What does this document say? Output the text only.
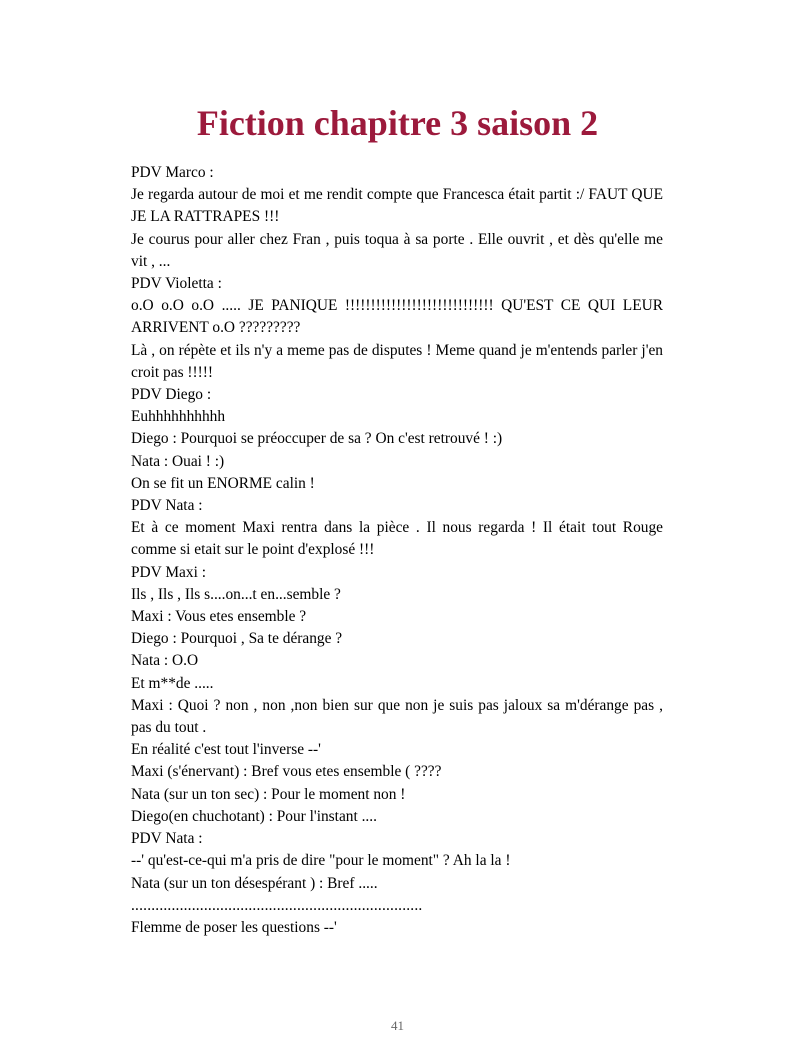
Fiction chapitre 3 saison 2

PDV Marco :

Je regarda autour de moi et me rendit compte que Francesca était partit :/ FAUT QUE JE LA RATTRAPES !!!

Je courus pour aller chez Fran , puis toqua à sa porte . Elle ouvrit , et dès qu'elle me vit , ...

PDV Violetta :

o.O o.O o.O ..... JE PANIQUE !!!!!!!!!!!!!!!!!!!!!!!!!!!!! QU'EST CE QUI LEUR ARRIVENT o.O ?????????

Là , on répète et ils n'y a meme pas de disputes ! Meme quand je m'entends parler j'en croit pas !!!!!

PDV Diego :

Euhhhhhhhhhh

Diego : Pourquoi se préoccuper de sa ? On c'est retrouvé ! :)

Nata : Ouai ! :)

On se fit un ENORME calin !

PDV Nata :

Et à ce moment Maxi rentra dans la pièce . Il nous regarda ! Il était tout Rouge comme si etait sur le point d'explosé !!!

PDV Maxi :

Ils , Ils , Ils s....on...t en...semble ?

Maxi : Vous etes ensemble ?

Diego : Pourquoi , Sa te dérange ?

Nata : O.O

Et m**de .....

Maxi : Quoi ? non , non ,non bien sur que non je suis pas jaloux sa m'dérange pas , pas du tout .

En réalité c'est tout l'inverse --'

Maxi (s'énervant) : Bref vous etes ensemble ( ????

Nata (sur un ton sec) : Pour le moment non !

Diego(en chuchotant) : Pour l'instant ....

PDV Nata :

--' qu'est-ce-qui m'a pris de dire "pour le moment" ? Ah la la !

Nata (sur un ton désespérant ) : Bref .....

........................................................................

Flemme de poser les questions --'

41
